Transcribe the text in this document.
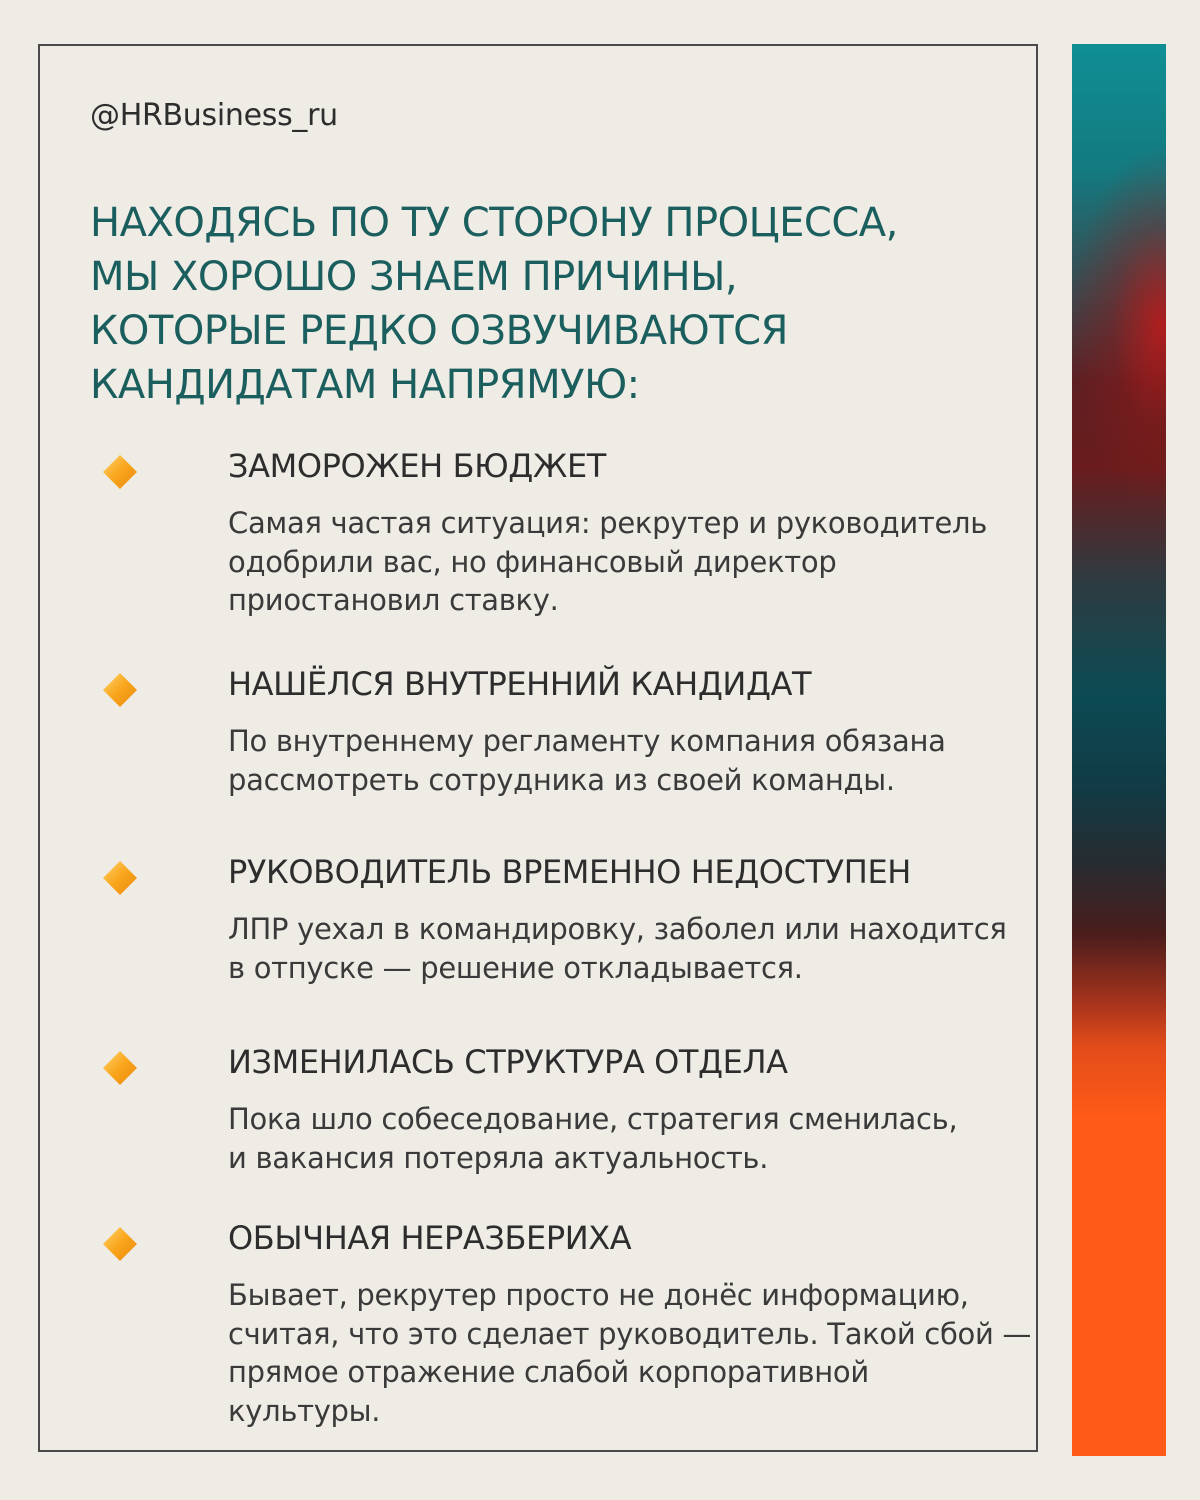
@HRBusiness_ru
НАХОДЯСЬ ПО ТУ СТОРОНУ ПРОЦЕССА,
МЫ ХОРОШО ЗНАЕМ ПРИЧИНЫ,
КОТОРЫЕ РЕДКО ОЗВУЧИВАЮТСЯ
КАНДИДАТАМ НАПРЯМУЮ:
ЗАМОРОЖЕН БЮДЖЕТ
Самая частая ситуация: рекрутер и руководитель
одобрили вас, но финансовый директор
приостановил ставку.
НАШЁЛСЯ ВНУТРЕННИЙ КАНДИДАТ
По внутреннему регламенту компания обязана
рассмотреть сотрудника из своей команды.
РУКОВОДИТЕЛЬ ВРЕМЕННО НЕДОСТУПЕН
ЛПР уехал в командировку, заболел или находится
в отпуске — решение откладывается.
ИЗМЕНИЛАСЬ СТРУКТУРА ОТДЕЛА
Пока шло собеседование, стратегия сменилась,
и вакансия потеряла актуальность.
ОБЫЧНАЯ НЕРАЗБЕРИХА
Бывает, рекрутер просто не донёс информацию,
считая, что это сделает руководитель. Такой сбой —
прямое отражение слабой корпоративной
культуры.
